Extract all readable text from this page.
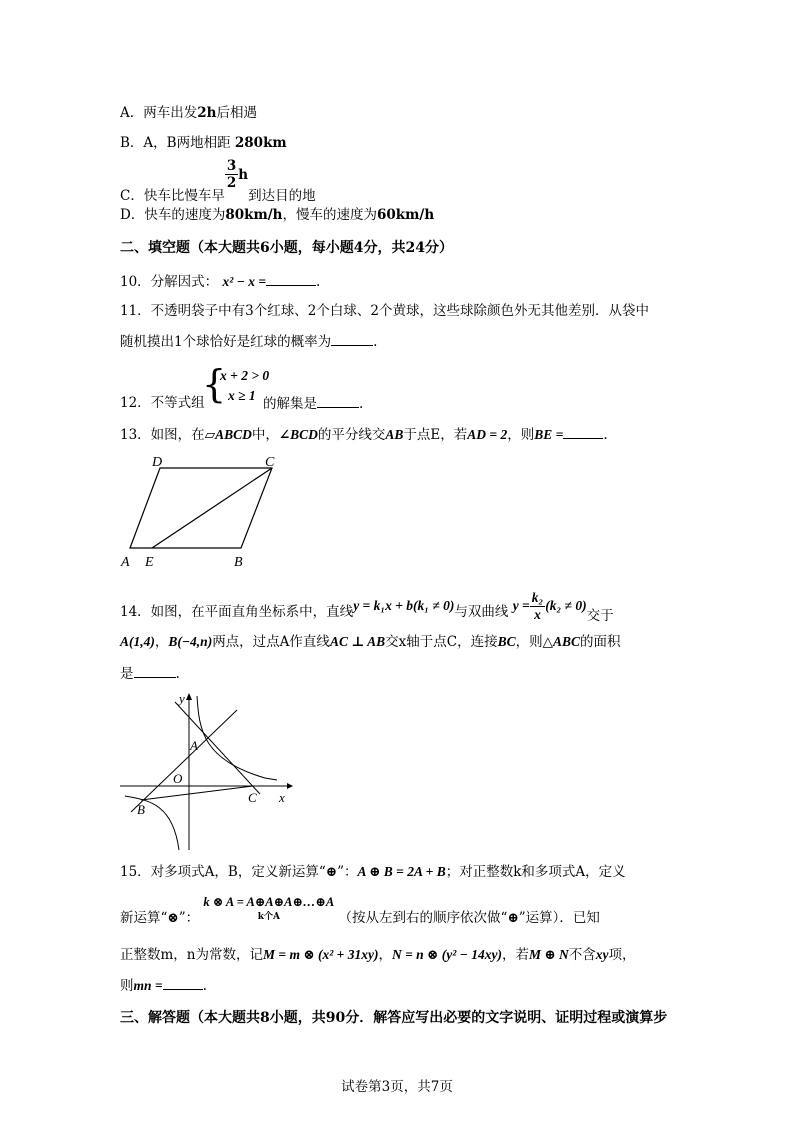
A．两车出发2h后相遇
B．A，B两地相距 280km
C．快车比慢车早
$\frac{3}{2}$ h到达目的地
D．快车的速度为80km/h，慢车的速度为60km/h
二、填空题（本大题共6小题，每小题4分，共24分）
10．分解因式： x² − x =	.
11．不透明袋子中有3个红球、2个白球、2个黄球，这些球除颜色外无其他差别．从袋中
随机摸出1个球恰好是红球的概率为	.
12．不等式组
{
x + 2 > 0
x ≥ 1
的解集是	.
13．如图，在▱ABCD中，∠BCD的平分线交AB于点E，若AD = 2，则BE =	.
D	C
A E	B
14．如图，在平面直角坐标系中，直线y = k₁x + b(k₁ ≠ 0)与双曲线 $y = \frac{\text{k₂}}{x} (k_2 \ne 0)$交于
A(1,4)，B(−4,n)两点，过点A作直线AC ⊥ AB交x轴于点C，连接BC，则△ABC的面积
是	.
y
x
O
A
B
C
15．对多项式A，B，定义新运算“⊕”：A ⊕ B = 2A + B；对正整数k和多项式A，定义
新运算“⊗”：
k ⊗ A = A⊕A⊕A⊕…⊕A
k个A	（按从左到右的顺序依次做“⊕”运算）．已知
正整数m，n为常数，记M = m ⊗ (x² + 31xy)，N = n ⊗ (y² − 14xy)，若M ⊕ N不含xy项，
则mn =	.
三、解答题（本大题共8小题，共90分．解答应写出必要的文字说明、证明过程或演算步
试卷第3页，共7页
